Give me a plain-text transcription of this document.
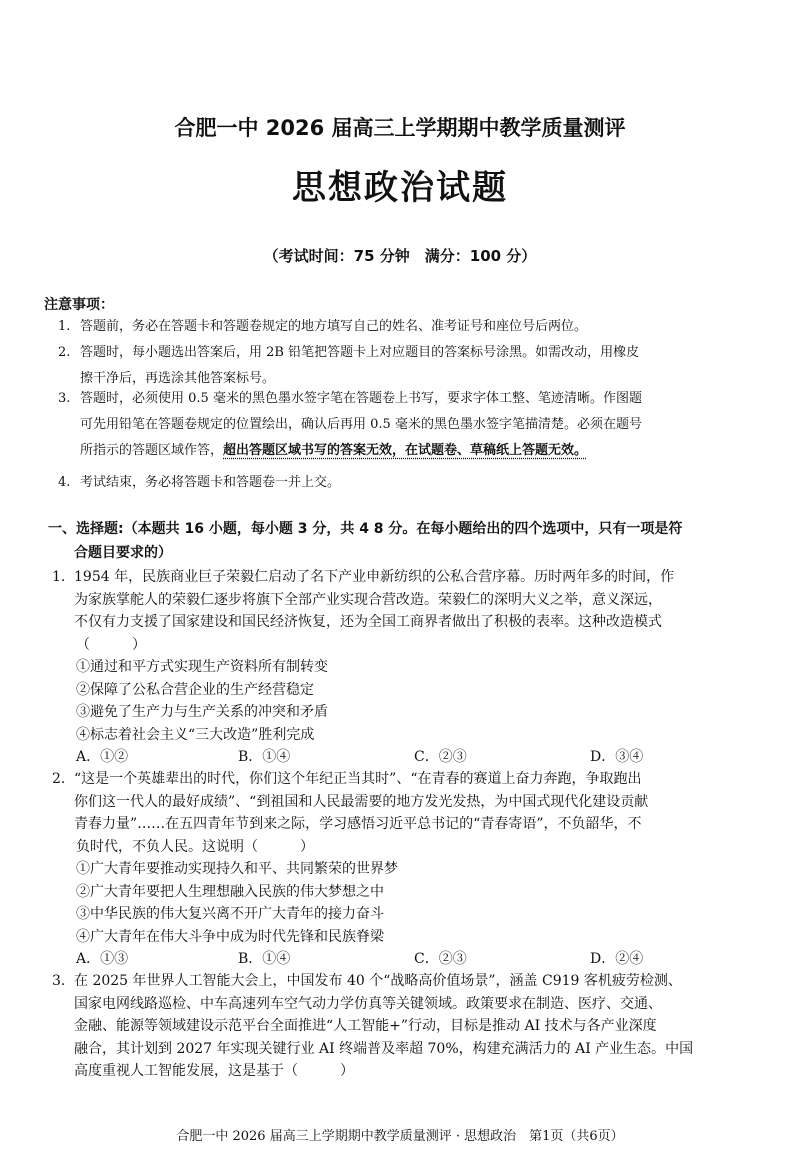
合肥一中 2026 届高三上学期期中教学质量测评
思想政治试题
（考试时间：75 分钟　满分：100 分）
注意事项：
1. 答题前，务必在答题卡和答题卷规定的地方填写自己的姓名、准考证号和座位号后两位。
2. 答题时，每小题选出答案后，用 2B 铅笔把答题卡上对应题目的答案标号涂黑。如需改动，用橡皮
擦干净后，再选涂其他答案标号。
3. 答题时，必须使用 0.5 毫米的黑色墨水签字笔在答题卷上书写，要求字体工整、笔迹清晰。作图题
可先用铅笔在答题卷规定的位置绘出，确认后再用 0.5 毫米的黑色墨水签字笔描清楚。必须在题号
所指示的答题区域作答，超出答题区域书写的答案无效，在试题卷、草稿纸上答题无效。
4. 考试结束，务必将答题卡和答题卷一并上交。
一、选择题:（本题共 16 小题，每小题 3 分，共 4 8 分。在每小题给出的四个选项中，只有一项是符
合题目要求的）
1. 1954 年，民族商业巨子荣毅仁启动了名下产业申新纺织的公私合营序幕。历时两年多的时间，作
为家族掌舵人的荣毅仁逐步将旗下全部产业实现合营改造。荣毅仁的深明大义之举，意义深远，
不仅有力支援了国家建设和国民经济恢复，还为全国工商界者做出了积极的表率。这种改造模式
（　　　）
①通过和平方式实现生产资料所有制转变
②保障了公私合营企业的生产经营稳定
③避免了生产力与生产关系的冲突和矛盾
④标志着社会主义“三大改造”胜利完成
A．①②	B．①④	C．②③	D．③④
2. “这是一个英雄辈出的时代，你们这个年纪正当其时”、“在青春的赛道上奋力奔跑，争取跑出
你们这一代人的最好成绩”、“到祖国和人民最需要的地方发光发热，为中国式现代化建设贡献
青春力量”……在五四青年节到来之际，学习感悟习近平总书记的“青春寄语”，不负韶华，不
负时代，不负人民。这说明（　　　）
①广大青年要推动实现持久和平、共同繁荣的世界梦
②广大青年要把人生理想融入民族的伟大梦想之中
③中华民族的伟大复兴离不开广大青年的接力奋斗
④广大青年在伟大斗争中成为时代先锋和民族脊梁
A．①③	B．①④	C．②③	D．②④
3. 在 2025 年世界人工智能大会上，中国发布 40 个“战略高价值场景”，涵盖 C919 客机疲劳检测、
国家电网线路巡检、中车高速列车空气动力学仿真等关键领域。政策要求在制造、医疗、交通、
金融、能源等领域建设示范平台全面推进“人工智能+”行动，目标是推动 AI 技术与各产业深度
融合，其计划到 2027 年实现关键行业 AI 终端普及率超 70%，构建充满活力的 AI 产业生态。中国
高度重视人工智能发展，这是基于（　　　）
合肥一中 2026 届高三上学期期中教学质量测评 · 思想政治　第1页（共6页）
